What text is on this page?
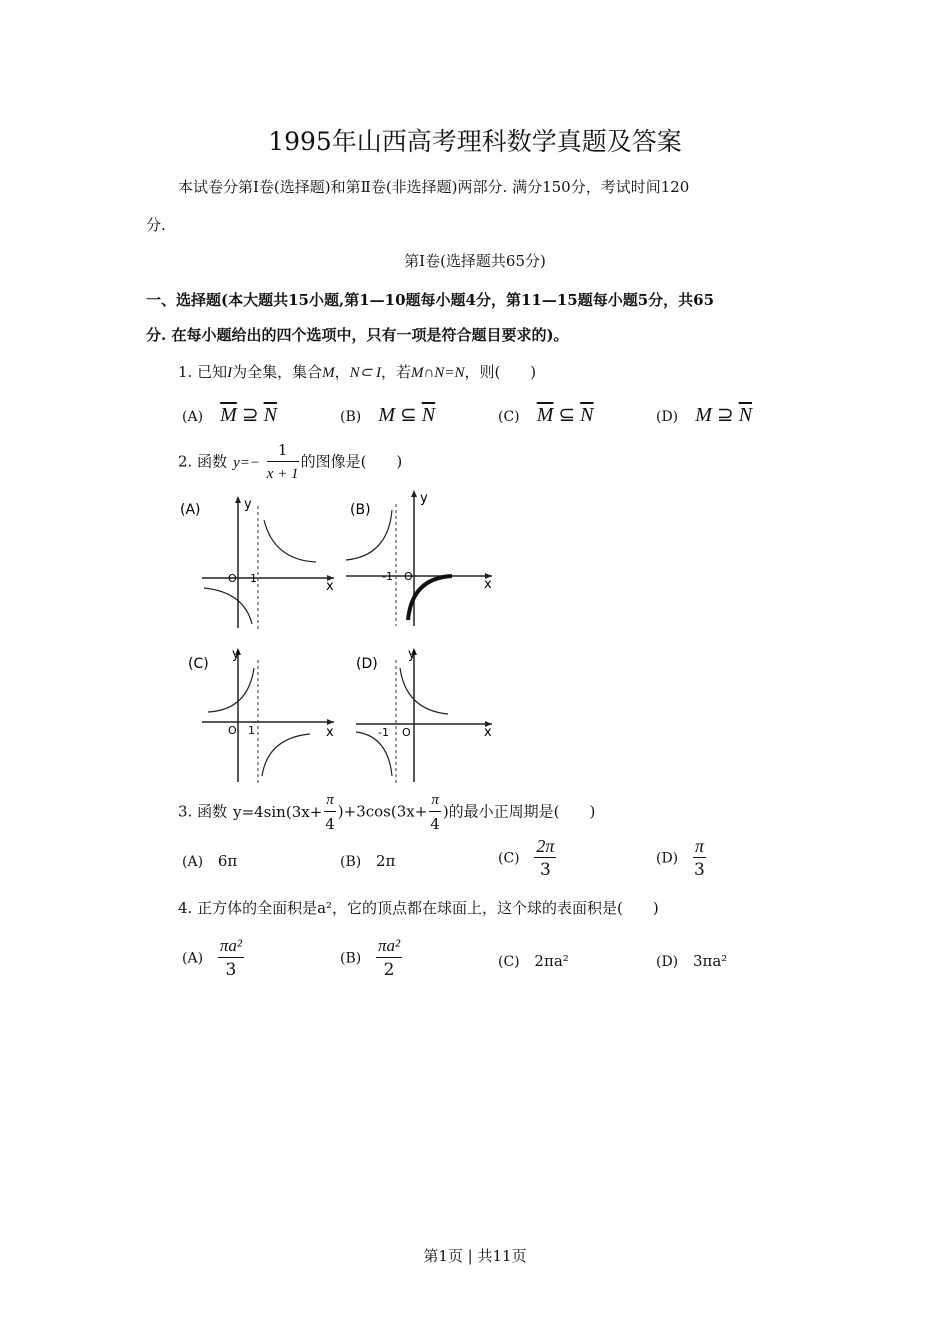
1995年山西高考理科数学真题及答案
本试卷分第Ⅰ卷(选择题)和第Ⅱ卷(非选择题)两部分. 满分150分，考试时间120
分.
第Ⅰ卷(选择题共65分)
一、选择题(本大题共15小题,第1—10题每小题4分，第11—15题每小题5分，共65
分. 在每小题给出的四个选项中，只有一项是符合题目要求的)。
1. 已知I为全集，集合M，N⊂ I，若M∩N=N，则(　　)
(A) $\overline{M}$ ⊇ $\overline{N}$	(B) M ⊆ $\overline{N}$	(C) $\overline{M}$ ⊆ $\overline{N}$	(D) M ⊇ $\overline{N}$
2. 函数 $y=- \frac{1}{x + 1}$ 的图像是(　　)
(A)	y
x
O 1
(B)
y
x
-1 O
(C)
y
x
O 1
(D)
y
x
-1 O
3. 函数 $y=4\sin(3x+ \frac{\pi}{4} )+3\cos(3x+ \frac{\pi}{4}$ )的最小正周期是(　　)
(A) 6π	(B) 2π	$(C) \frac{2\pi}{3}$	$(D) \frac{\pi}{3}$
4. 正方体的全面积是a²，它的顶点都在球面上，这个球的表面积是(　　)
$(A) \frac{\text{πa²}}{3}$	$(B) \frac{\text{πa²}}{2}$	(C) 2πa²	(D) 3πa²
第1页 | 共11页
